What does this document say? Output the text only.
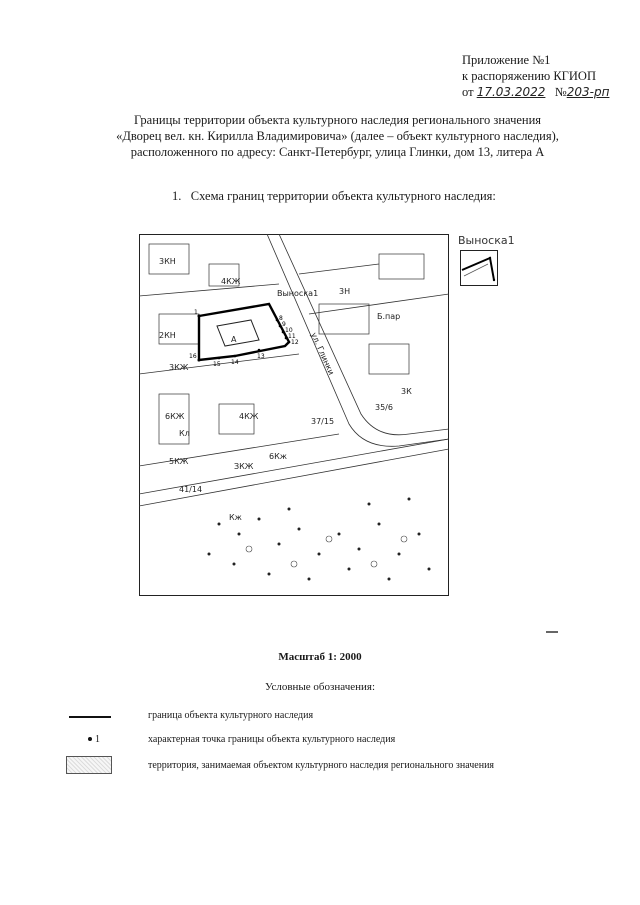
Приложение №1
к распоряжению КГИОП
от 17.03.2022 №203-рп
Границы территории объекта культурного наследия регионального значения
«Дворец вел. кн. Кирилла Владимировича» (далее – объект культурного наследия),
расположенного по адресу: Санкт-Петербург, улица Глинки, дом 13, литера А
1. Схема границ территории объекта культурного наследия:
ул. Глинки
37/15
41/14
35/6
4КЖ
3КН
2КН
3КЖ
6КЖ
5КЖ
4КЖ
3Н
6Кж
3К
Кл
Кж
Б.пар
ЗКЖ
Выноска1
А
1
8
9
10
11
12
13
14
15
16
Выноска1
Масштаб 1: 2000
Условные обозначения:
граница объекта культурного наследия
1	характерная точка границы объекта культурного наследия
территория, занимаемая объектом культурного наследия регионального значения
